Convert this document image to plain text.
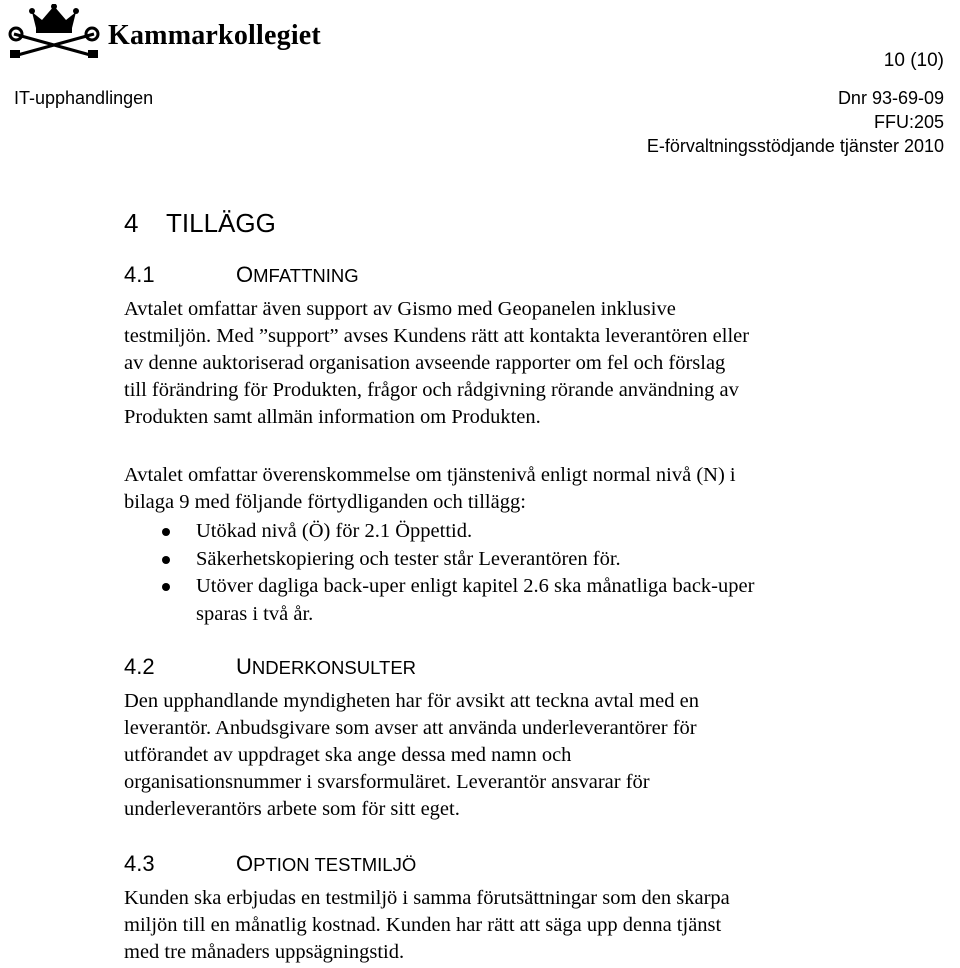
Kammarkollegiet
10 (10)
IT-upphandlingen	Dnr 93-69-09
FFU:205
E-förvaltningsstödjande tjänster 2010
4 TILLÄGG
4.1	OMFATTNING
Avtalet omfattar även support av Gismo med Geopanelen inklusive
testmiljön. Med ”support” avses Kundens rätt att kontakta leverantören eller
av denne auktoriserad organisation avseende rapporter om fel och förslag
till förändring för Produkten, frågor och rådgivning rörande användning av
Produkten samt allmän information om Produkten.
Avtalet omfattar överenskommelse om tjänstenivå enligt normal nivå (N) i
bilaga 9 med följande förtydliganden och tillägg:
Utökad nivå (Ö) för 2.1 Öppettid.
Säkerhetskopiering och tester står Leverantören för.
Utöver dagliga back-uper enligt kapitel 2.6 ska månatliga back-uper
sparas i två år.
4.2	UNDERKONSULTER
Den upphandlande myndigheten har för avsikt att teckna avtal med en
leverantör. Anbudsgivare som avser att använda underleverantörer för
utförandet av uppdraget ska ange dessa med namn och
organisationsnummer i svarsformuläret. Leverantör ansvarar för
underleverantörs arbete som för sitt eget.
4.3	OPTION TESTMILJÖ
Kunden ska erbjudas en testmiljö i samma förutsättningar som den skarpa
miljön till en månatlig kostnad. Kunden har rätt att säga upp denna tjänst
med tre månaders uppsägningstid.
